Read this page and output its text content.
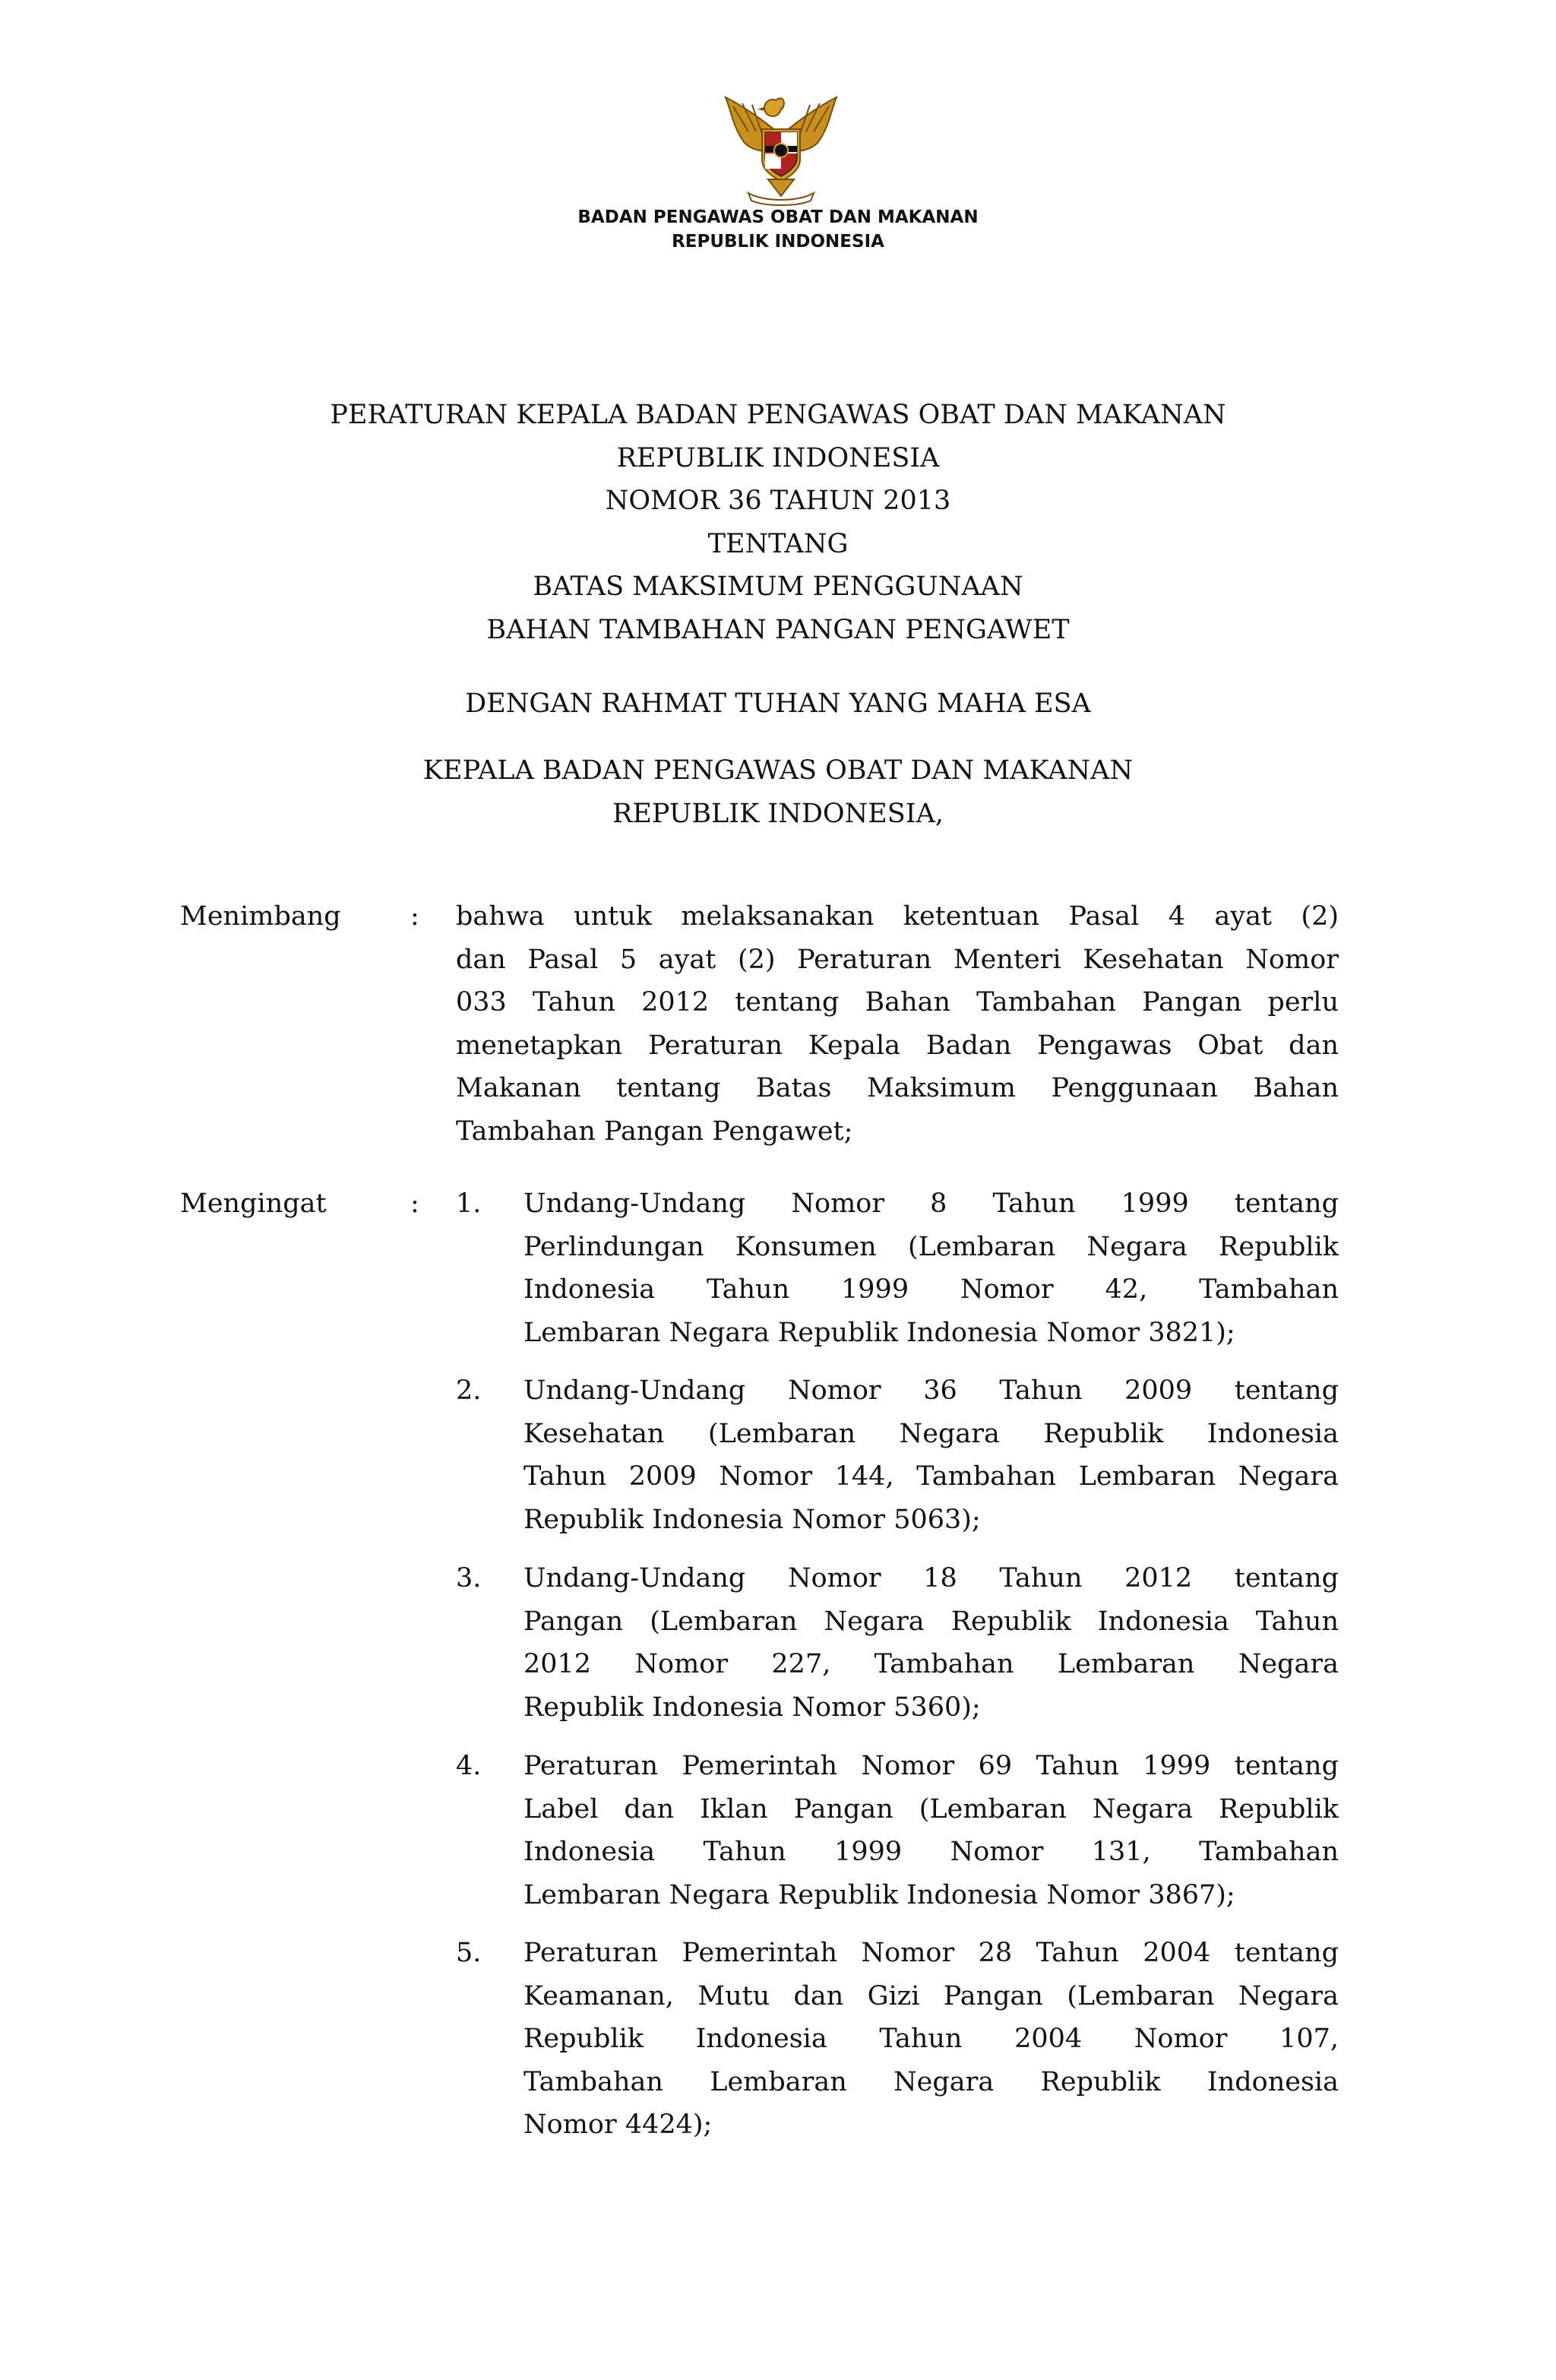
BADAN PENGAWAS OBAT DAN MAKANAN
REPUBLIK INDONESIA
PERATURAN KEPALA BADAN PENGAWAS OBAT DAN MAKANAN
REPUBLIK INDONESIA
NOMOR 36 TAHUN 2013
TENTANG
BATAS MAKSIMUM PENGGUNAAN
BAHAN TAMBAHAN PANGAN PENGAWET
DENGAN RAHMAT TUHAN YANG MAHA ESA
KEPALA BADAN PENGAWAS OBAT DAN MAKANAN
REPUBLIK INDONESIA,
Menimbang	: bahwa untuk melaksanakan ketentuan Pasal 4 ayat (2)
dan Pasal 5 ayat (2) Peraturan Menteri Kesehatan Nomor
033 Tahun 2012 tentang Bahan Tambahan Pangan perlu
menetapkan Peraturan Kepala Badan Pengawas Obat dan
Makanan tentang Batas Maksimum Penggunaan Bahan
Tambahan Pangan Pengawet;
Mengingat	: 1. Undang-Undang Nomor 8 Tahun 1999 tentang
Perlindungan Konsumen (Lembaran Negara Republik
Indonesia Tahun 1999 Nomor 42, Tambahan
Lembaran Negara Republik Indonesia Nomor 3821);
2. Undang-Undang Nomor 36 Tahun 2009 tentang
Kesehatan (Lembaran Negara Republik Indonesia
Tahun 2009 Nomor 144, Tambahan Lembaran Negara
Republik Indonesia Nomor 5063);
3. Undang-Undang Nomor 18 Tahun 2012 tentang
Pangan (Lembaran Negara Republik Indonesia Tahun
2012 Nomor 227, Tambahan Lembaran Negara
Republik Indonesia Nomor 5360);
4. Peraturan Pemerintah Nomor 69 Tahun 1999 tentang
Label dan Iklan Pangan (Lembaran Negara Republik
Indonesia Tahun 1999 Nomor 131, Tambahan
Lembaran Negara Republik Indonesia Nomor 3867);
5. Peraturan Pemerintah Nomor 28 Tahun 2004 tentang
Keamanan, Mutu dan Gizi Pangan (Lembaran Negara
Republik Indonesia Tahun 2004 Nomor 107,
Tambahan Lembaran Negara Republik Indonesia
Nomor 4424);
